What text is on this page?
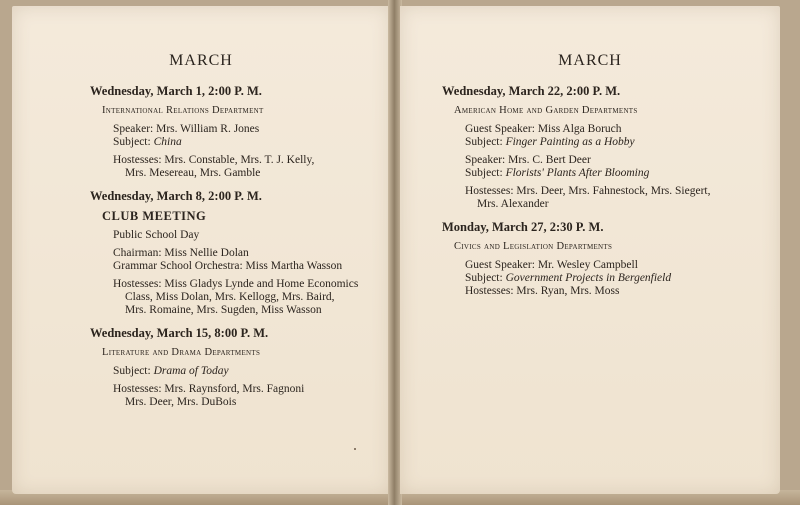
MARCH
Wednesday, March 1, 2:00 P. M.
International Relations Department
Speaker: Mrs. William R. Jones
Subject: China
Hostesses: Mrs. Constable, Mrs. T. J. Kelly,
Mrs. Mesereau, Mrs. Gamble
Wednesday, March 8, 2:00 P. M.
CLUB MEETING
Public School Day
Chairman: Miss Nellie Dolan
Grammar School Orchestra: Miss Martha Wasson
Hostesses: Miss Gladys Lynde and Home Economics
Class, Miss Dolan, Mrs. Kellogg, Mrs. Baird,
Mrs. Romaine, Mrs. Sugden, Miss Wasson
Wednesday, March 15, 8:00 P. M.
Literature and Drama Departments
Subject: Drama of Today
Hostesses: Mrs. Raynsford, Mrs. Fagnoni
Mrs. Deer, Mrs. DuBois
MARCH
Wednesday, March 22, 2:00 P. M.
American Home and Garden Departments
Guest Speaker: Miss Alga Boruch
Subject: Finger Painting as a Hobby
Speaker: Mrs. C. Bert Deer
Subject: Florists' Plants After Blooming
Hostesses: Mrs. Deer, Mrs. Fahnestock, Mrs. Siegert,
Mrs. Alexander
Monday, March 27, 2:30 P. M.
Civics and Legislation Departments
Guest Speaker: Mr. Wesley Campbell
Subject: Government Projects in Bergenfield
Hostesses: Mrs. Ryan, Mrs. Moss
